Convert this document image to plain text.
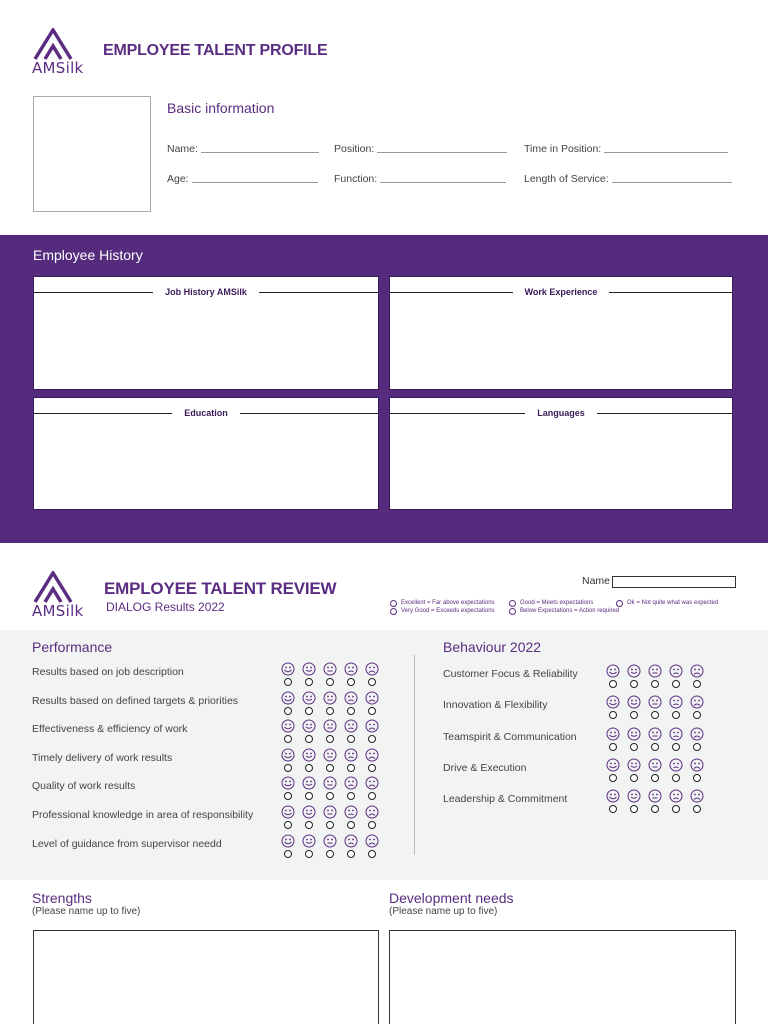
AMSilk
EMPLOYEE TALENT PROFILE
Basic information
Name:	Position:	Time in Position:
Age:	Function:	Length of Service:
Employee History
Job History AMSilk	Work Experience
Education	Languages
AMSilk
EMPLOYEE TALENT REVIEW
DIALOG Results 2022
Name
Excellent = Far above expectations
Very Good = Exceeds expectations
Good = Meets expectations
Below Expectations = Action required
Ok = Not quite what was expected
Performance	Behaviour 2022
Results based on job description
Results based on defined targets & priorities
Effectiveness & efficiency of work
Timely delivery of work results
Quality of work results
Professional knowledge in area of responsibility
Level of guidance from supervisor needd
Customer Focus & Reliability
Innovation & Flexibility
Teamspirit & Communication
Drive & Execution
Leadership & Commitment
Strengths
(Please name up to five)
Development needs
(Please name up to five)
